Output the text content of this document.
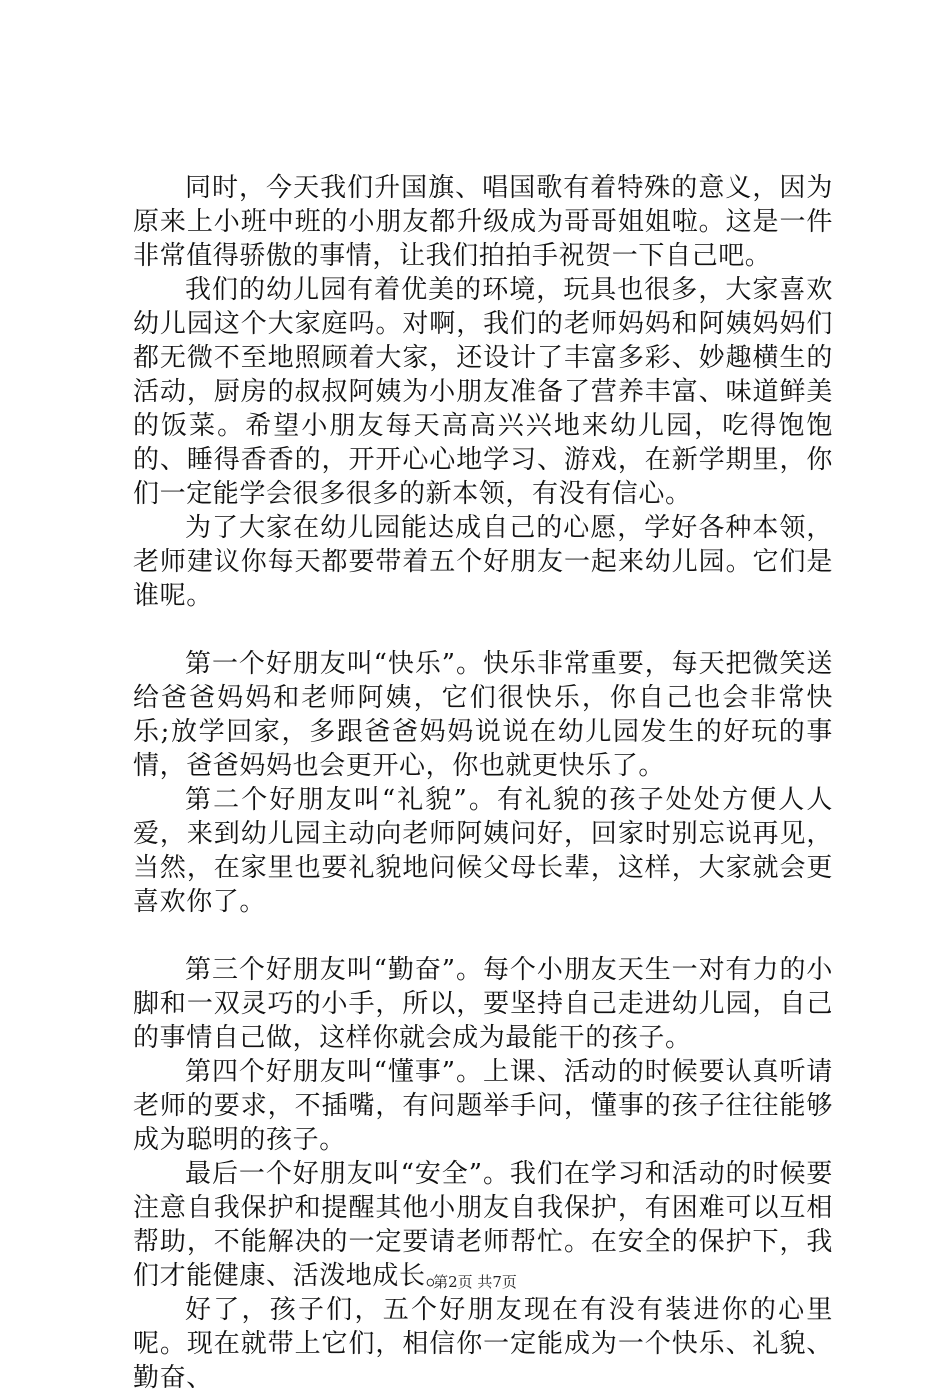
同时，今天我们升国旗、唱国歌有着特殊的意义，因为原来上小班中班的小朋友都升级成为哥哥姐姐啦。这是一件非常值得骄傲的事情，让我们拍拍手祝贺一下自己吧。

我们的幼儿园有着优美的环境，玩具也很多，大家喜欢幼儿园这个大家庭吗。对啊，我们的老师妈妈和阿姨妈妈们都无微不至地照顾着大家，还设计了丰富多彩、妙趣横生的活动，厨房的叔叔阿姨为小朋友准备了营养丰富、味道鲜美的饭菜。希望小朋友每天高高兴兴地来幼儿园，吃得饱饱的、睡得香香的，开开心心地学习、游戏，在新学期里，你们一定能学会很多很多的新本领，有没有信心。

为了大家在幼儿园能达成自己的心愿，学好各种本领，老师建议你每天都要带着五个好朋友一起来幼儿园。它们是谁呢。

第一个好朋友叫“快乐”。快乐非常重要，每天把微笑送给爸爸妈妈和老师阿姨，它们很快乐，你自己也会非常快乐;放学回家，多跟爸爸妈妈说说在幼儿园发生的好玩的事情，爸爸妈妈也会更开心，你也就更快乐了。

第二个好朋友叫“礼貌”。有礼貌的孩子处处方便人人爱，来到幼儿园主动向老师阿姨问好，回家时别忘说再见，当然，在家里也要礼貌地问候父母长辈，这样，大家就会更喜欢你了。

第三个好朋友叫“勤奋”。每个小朋友天生一对有力的小脚和一双灵巧的小手，所以，要坚持自己走进幼儿园，自己的事情自己做，这样你就会成为最能干的孩子。

第四个好朋友叫“懂事”。上课、活动的时候要认真听请老师的要求，不插嘴，有问题举手问，懂事的孩子往往能够成为聪明的孩子。

最后一个好朋友叫“安全”。我们在学习和活动的时候要注意自我保护和提醒其他小朋友自我保护，有困难可以互相帮助，不能解决的一定要请老师帮忙。在安全的保护下，我们才能健康、活泼地成长。

好了，孩子们，五个好朋友现在有没有装进你的心里呢。现在就带上它们，相信你一定能成为一个快乐、礼貌、勤奋、

第2页 共7页
